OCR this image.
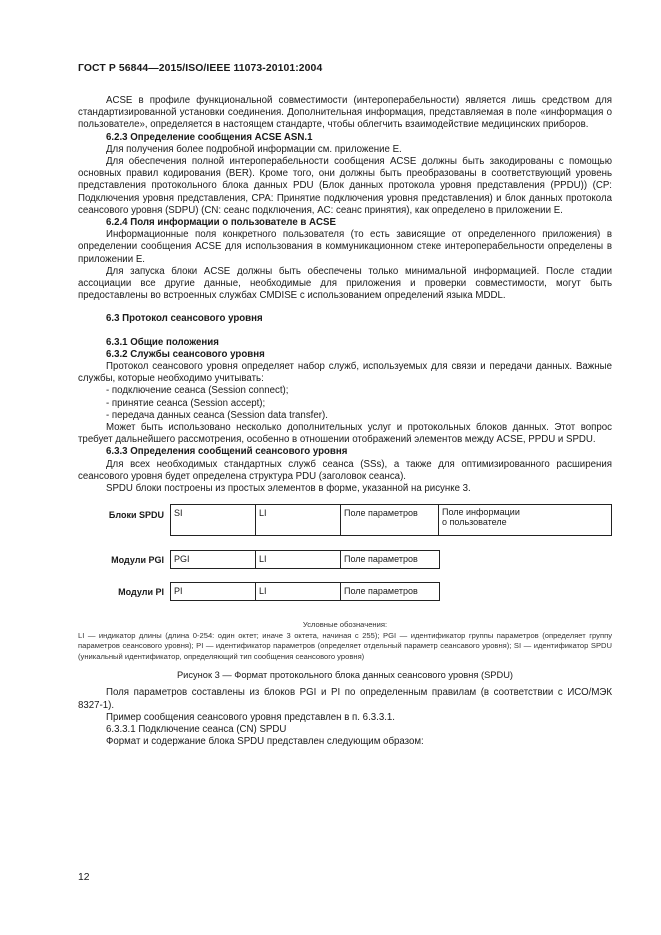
ГОСТ Р 56844—2015/ISO/IEEE 11073-20101:2004

ACSE в профиле функциональной совместимости (интероперабельности) является лишь средством для стандартизированной установки соединения. Дополнительная информация, представляемая в поле «информация о пользователе», определяется в настоящем стандарте, чтобы облегчить взаимодействие медицинских приборов.

6.2.3 Определение сообщения ACSE ASN.1

Для получения более подробной информации см. приложение Е.

Для обеспечения полной интероперабельности сообщения ACSE должны быть закодированы с помощью основных правил кодирования (BER). Кроме того, они должны быть преобразованы в соответствующий уровень представления протокольного блока данных PDU (Блок данных протокола уровня представления (PPDU)) (CP: Подключения уровня представления, CPA: Принятие подключения уровня представления) и блок данных протокола сеансового уровня (SDPU) (CN: сеанс подключения, AC: сеанс принятия), как определено в приложении Е.

6.2.4 Поля информации о пользователе в ACSE

Информационные поля конкретного пользователя (то есть зависящие от определенного приложения) в определении сообщения ACSE для использования в коммуникационном стеке интероперабельности определены в приложении Е.

Для запуска блоки ACSE должны быть обеспечены только минимальной информацией. После стадии ассоциации все другие данные, необходимые для приложения и проверки совместимости, могут быть предоставлены во встроенных службах CMDISE с использованием определений языка MDDL.

6.3 Протокол сеансового уровня

6.3.1 Общие положения

6.3.2 Службы сеансового уровня

Протокол сеансового уровня определяет набор служб, используемых для связи и передачи данных. Важные службы, которые необходимо учитывать:

- подключение сеанса (Session connect);

- принятие сеанса (Session accept);

- передача данных сеанса (Session data transfer).

Может быть использовано несколько дополнительных услуг и протокольных блоков данных. Этот вопрос требует дальнейшего рассмотрения, особенно в отношении отображений элементов между ACSE, PPDU и SPDU.

6.3.3 Определения сообщений сеансового уровня

Для всех необходимых стандартных служб сеанса (SSs), а также для оптимизированного расширения сеансового уровня будет определена структура PDU (заголовок сеанса).

SPDU блоки построены из простых элементов в форме, указанной на рисунке 3.

Блоки SPDU	SI	LI	Поле параметров	Поле информации
о пользователе
Модули PGI	PGI	LI	Поле параметров
Модули PI	PI	LI	Поле параметров
Условные обозначения:
LI — индикатор длины (длина 0-254: один октет; иначе 3 октета, начиная с 255); PGI — идентификатор группы параметров (определяет группу параметров сеансового уровня); PI — идентификатор параметров (определяет отдельный параметр сеансавого уровня); SI — идентификатор SPDU (уникальный идентификатор, определяющий тип сообщения сеансового уровня)
Рисунок 3 — Формат протокольного блока данных сеансового уровня (SPDU)

Поля параметров составлены из блоков PGI и PI по определенным правилам (в соответствии с ИСО/МЭК 8327-1).

Пример сообщения сеансового уровня представлен в п. 6.3.3.1.

6.3.3.1 Подключение сеанса (CN) SPDU

Формат и содержание блока SPDU представлен следующим образом:

12
